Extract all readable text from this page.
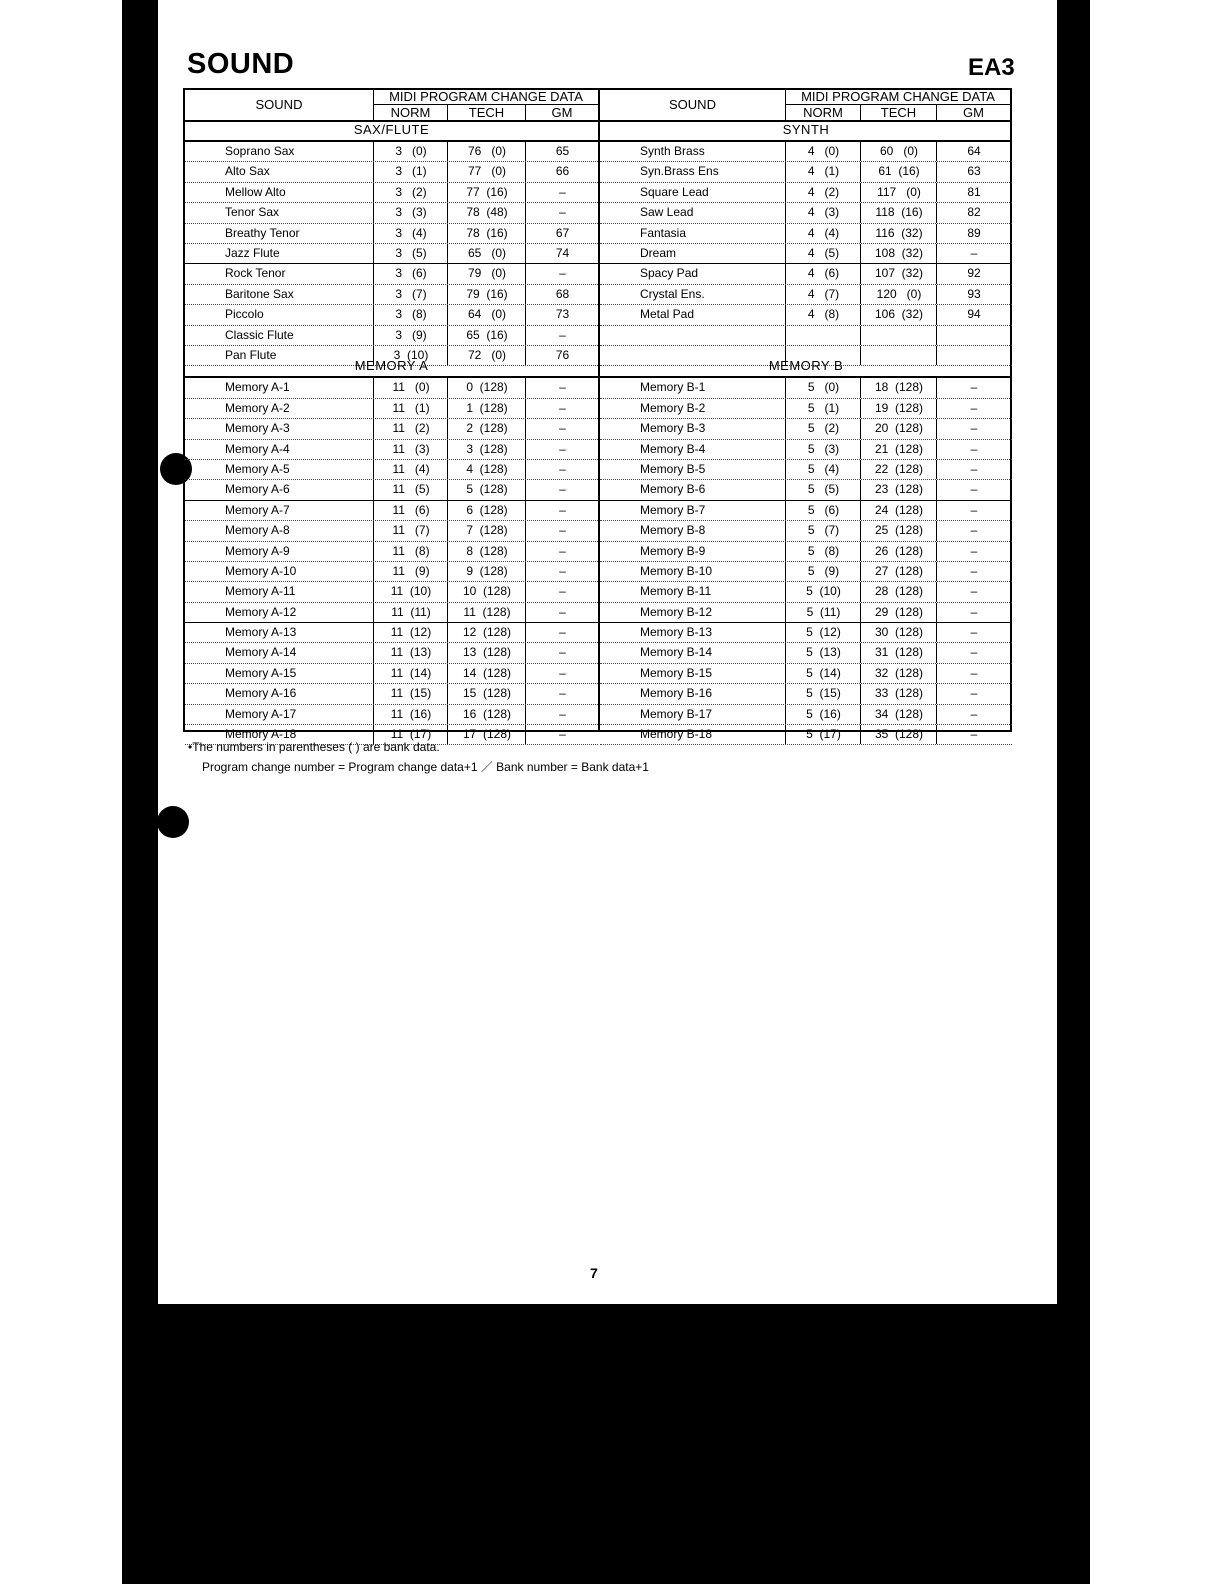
SOUND	EA3
SOUND
MIDI PROGRAM CHANGE DATA
NORM	TECH	GM
SAX/FLUTE
Soprano Sax	3   (0)	76   (0)	65
Alto Sax	3   (1)	77   (0)	66
Mellow Alto	3   (2)	77  (16)	–
Tenor Sax	3   (3)	78  (48)	–
Breathy Tenor	3   (4)	78  (16)	67
Jazz Flute	3   (5)	65   (0)	74
Rock Tenor	3   (6)	79   (0)	–
Baritone Sax	3   (7)	79  (16)	68
Piccolo	3   (8)	64   (0)	73
Classic Flute	3   (9)	65  (16)	–
Pan Flute	3  (10)	72   (0)	76
MEMORY A
Memory A-1	11   (0)	0  (128)	–
Memory A-2	11   (1)	1  (128)	–
Memory A-3	11   (2)	2  (128)	–
Memory A-4	11   (3)	3  (128)	–
Memory A-5	11   (4)	4  (128)	–
Memory A-6	11   (5)	5  (128)	–
Memory A-7	11   (6)	6  (128)	–
Memory A-8	11   (7)	7  (128)	–
Memory A-9	11   (8)	8  (128)	–
Memory A-10	11   (9)	9  (128)	–
Memory A-11	11  (10)	10  (128)	–
Memory A-12	11  (11)	11  (128)	–
Memory A-13	11  (12)	12  (128)	–
Memory A-14	11  (13)	13  (128)	–
Memory A-15	11  (14)	14  (128)	–
Memory A-16	11  (15)	15  (128)	–
Memory A-17	11  (16)	16  (128)	–
Memory A-18	11  (17)	17  (128)	–
SOUND
MIDI PROGRAM CHANGE DATA
NORM	TECH	GM
SYNTH
Synth Brass	4   (0)	60   (0)	64
Syn.Brass Ens	4   (1)	61  (16)	63
Square Lead	4   (2)	117   (0)	81
Saw Lead	4   (3)	118  (16)	82
Fantasia	4   (4)	116  (32)	89
Dream	4   (5)	108  (32)	–
Spacy Pad	4   (6)	107  (32)	92
Crystal Ens.	4   (7)	120   (0)	93
Metal Pad	4   (8)	106  (32)	94
MEMORY B
Memory B-1	5   (0)	18  (128)	–
Memory B-2	5   (1)	19  (128)	–
Memory B-3	5   (2)	20  (128)	–
Memory B-4	5   (3)	21  (128)	–
Memory B-5	5   (4)	22  (128)	–
Memory B-6	5   (5)	23  (128)	–
Memory B-7	5   (6)	24  (128)	–
Memory B-8	5   (7)	25  (128)	–
Memory B-9	5   (8)	26  (128)	–
Memory B-10	5   (9)	27  (128)	–
Memory B-11	5  (10)	28  (128)	–
Memory B-12	5  (11)	29  (128)	–
Memory B-13	5  (12)	30  (128)	–
Memory B-14	5  (13)	31  (128)	–
Memory B-15	5  (14)	32  (128)	–
Memory B-16	5  (15)	33  (128)	–
Memory B-17	5  (16)	34  (128)	–
Memory B-18	5  (17)	35  (128)	–
•The numbers in parentheses ( ) are bank data.
Program change number = Program change data+1 ／ Bank number = Bank data+1
7
